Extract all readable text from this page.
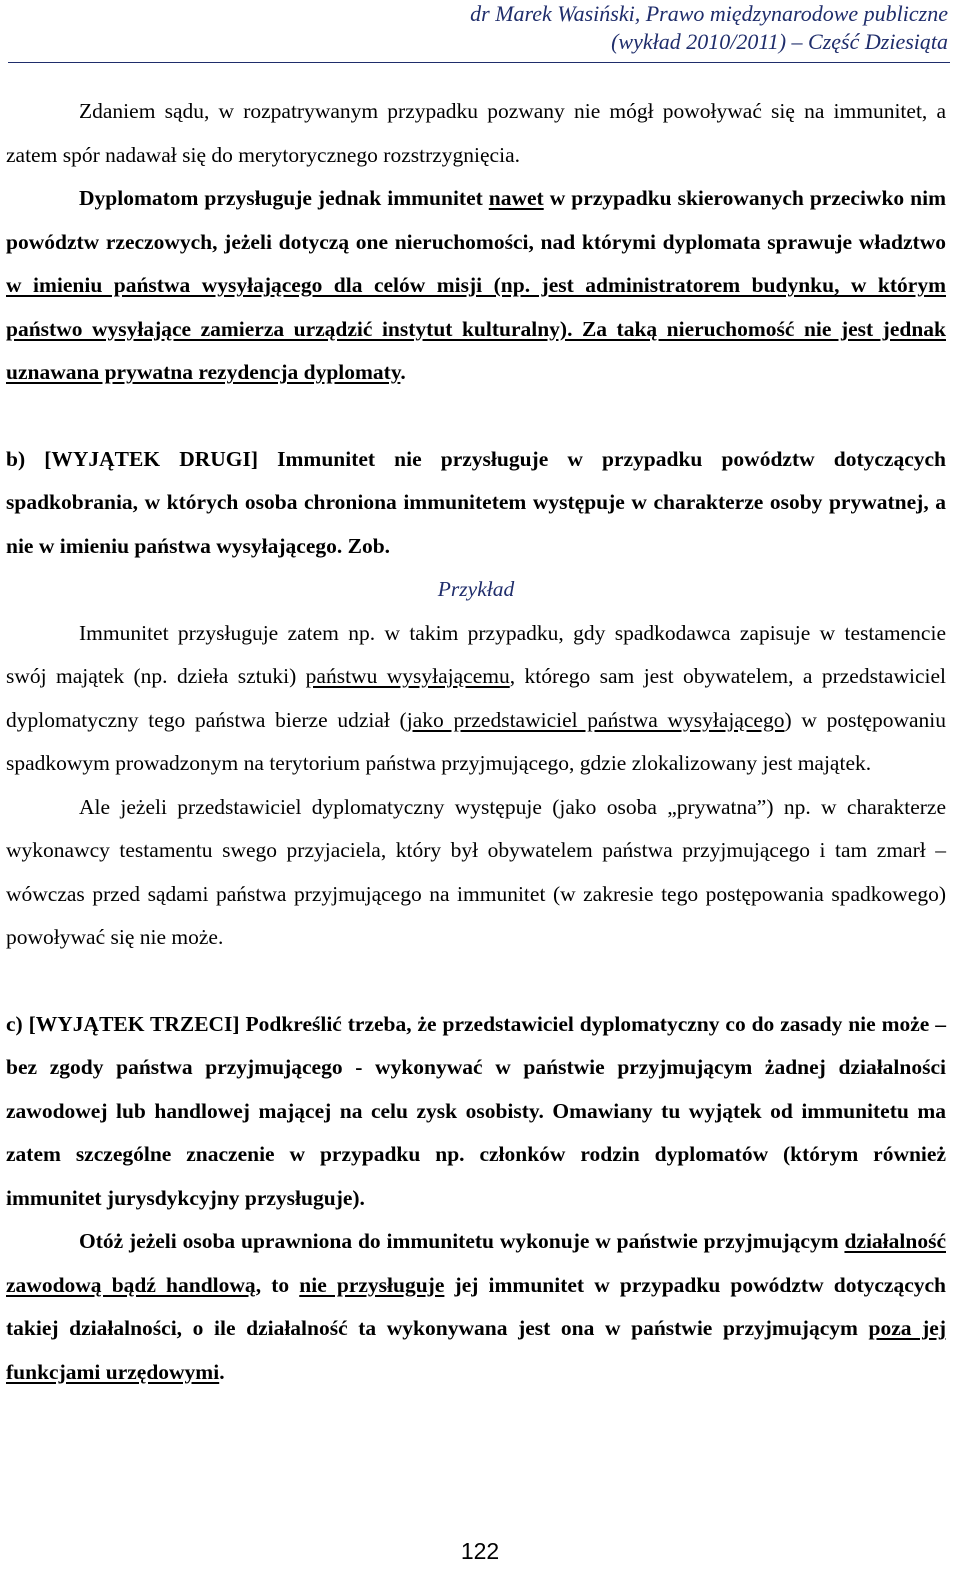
dr Marek Wasiński, Prawo międzynarodowe publiczne
(wykład 2010/2011) – Część Dziesiąta

Zdaniem sądu, w rozpatrywanym przypadku pozwany nie mógł powoływać się na immunitet, a zatem spór nadawał się do merytorycznego rozstrzygnięcia.

Dyplomatom przysługuje jednak immunitet nawet w przypadku skierowanych przeciwko nim powództw rzeczowych, jeżeli dotyczą one nieruchomości, nad którymi dyplomata sprawuje władztwo w imieniu państwa wysyłającego dla celów misji (np. jest administratorem budynku, w którym państwo wysyłające zamierza urządzić instytut kulturalny). Za taką nieruchomość nie jest jednak uznawana prywatna rezydencja dyplomaty.

b) [WYJĄTEK DRUGI] Immunitet nie przysługuje w przypadku powództw dotyczących spadkobrania, w których osoba chroniona immunitetem występuje w charakterze osoby prywatnej, a nie w imieniu państwa wysyłającego. Zob.

Przykład

Immunitet przysługuje zatem np. w takim przypadku, gdy spadkodawca zapisuje w testamencie swój majątek (np. dzieła sztuki) państwu wysyłającemu, którego sam jest obywatelem, a przedstawiciel dyplomatyczny tego państwa bierze udział (jako przedstawiciel państwa wysyłającego) w postępowaniu spadkowym prowadzonym na terytorium państwa przyjmującego, gdzie zlokalizowany jest majątek.

Ale jeżeli przedstawiciel dyplomatyczny występuje (jako osoba „prywatna”) np. w charakterze wykonawcy testamentu swego przyjaciela, który był obywatelem państwa przyjmującego i tam zmarł – wówczas przed sądami państwa przyjmującego na immunitet (w zakresie tego postępowania spadkowego) powoływać się nie może.

c) [WYJĄTEK TRZECI] Podkreślić trzeba, że przedstawiciel dyplomatyczny co do zasady nie może – bez zgody państwa przyjmującego - wykonywać w państwie przyjmującym żadnej działalności zawodowej lub handlowej mającej na celu zysk osobisty. Omawiany tu wyjątek od immunitetu ma zatem szczególne znaczenie w przypadku np. członków rodzin dyplomatów (którym również immunitet jurysdykcyjny przysługuje).

Otóż jeżeli osoba uprawniona do immunitetu wykonuje w państwie przyjmującym działalność zawodową bądź handlową, to nie przysługuje jej immunitet w przypadku powództw dotyczących takiej działalności, o ile działalność ta wykonywana jest ona w państwie przyjmującym poza jej funkcjami urzędowymi.

122
